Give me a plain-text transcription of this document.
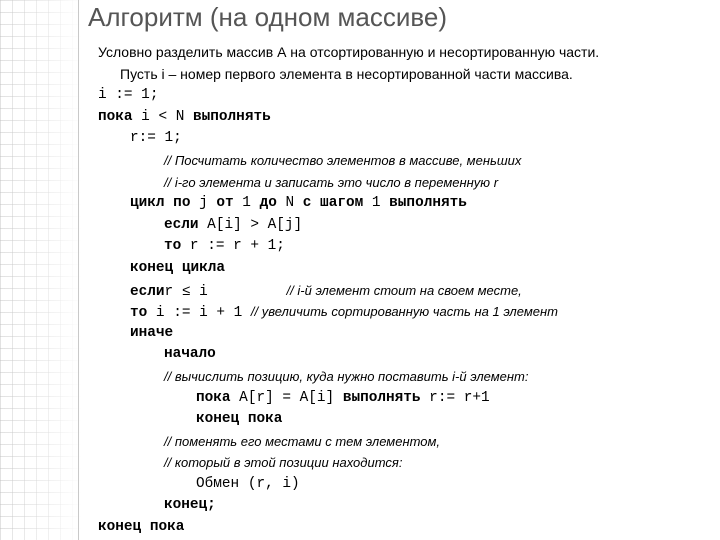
Алгоритм (на одном массиве)
Условно разделить массив А на отсортированную и несортированную части.
Пусть i – номер первого элемента в несортированной части массива.
i := 1;
пока i < N выполнять
r:= 1;
// Посчитать количество элементов в массиве, меньших
// i-го элемента и записать это число в переменную r
цикл по j от 1 до N с шагом 1 выполнять
если A[i] > A[j]
то r := r + 1;
конец цикла
еслиr ≤ i	// i-й элемент стоит на своем месте,
то i := i + 1 // увеличить сортированную часть на 1 элемент
иначе
начало
// вычислить позицию, куда нужно поставить i-й элемент:
пока A[r] = A[i] выполнять r:= r+1
конец пока
// поменять его местами с тем элементом,
// который в этой позиции находится:
Обмен (r, i)
конец;
конец пока
